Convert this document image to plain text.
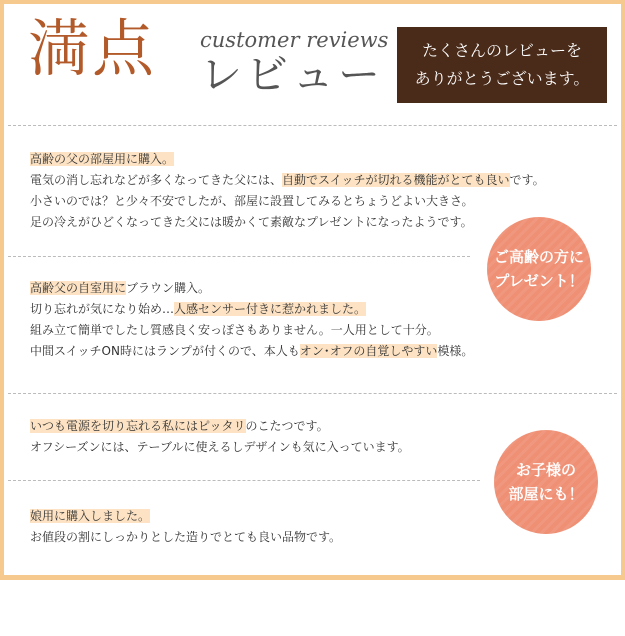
満点 customer reviews
レビュー	たくさんのレビューを
ありがとうございます。

高齢の父の部屋用に購入。

電気の消し忘れなどが多くなってきた父には、自動でスイッチが切れる機能がとても良いです。

小さいのでは？と少々不安でしたが、部屋に設置してみるとちょうどよい大きさ。

足の冷えがひどくなってきた父には暖かくて素敵なプレゼントになったようです。

高齢父の自室用にブラウン購入。

切り忘れが気になり始め…人感センサー付きに惹かれました。

組み立て簡単でしたし質感良く安っぽさもありません。一人用として十分。

中間スイッチON時にはランプが付くので、本人もオン･オフの自覚しやすい模様。

いつも電源を切り忘れる私にはピッタリのこたつです。

オフシーズンには、テーブルに使えるしデザインも気に入っています。

娘用に購入しました。

お値段の割にしっかりとした造りでとても良い品物です。

ご高齢の方に
プレゼント！
お子様の
部屋にも！
